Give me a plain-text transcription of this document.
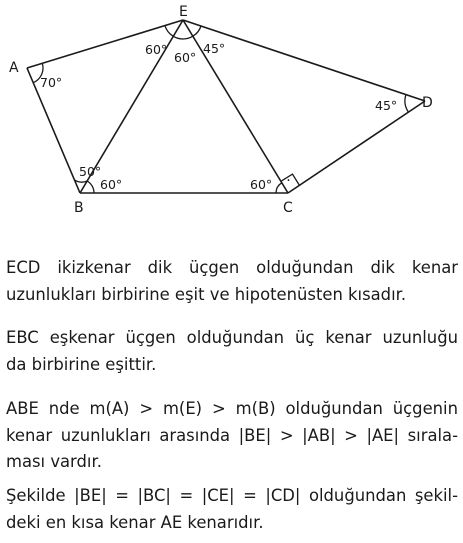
·
A
E
D
B	C
70°
60°
60°
45°
45°
50°
60°	60°
ECD ikizkenar dik üçgen olduğundan dik kenar
uzunlukları birbirine eşit ve hipotenüsten kısadır.
EBC eşkenar üçgen olduğundan üç kenar uzunluğu
da birbirine eşittir.
ABE nde m(A) > m(E) > m(B) olduğundan üçgenin
kenar uzunlukları arasında |BE| > |AB| > |AE| sırala-
ması vardır.
Şekilde |BE| = |BC| = |CE| = |CD| olduğundan şekil-
deki en kısa kenar AE kenarıdır.
